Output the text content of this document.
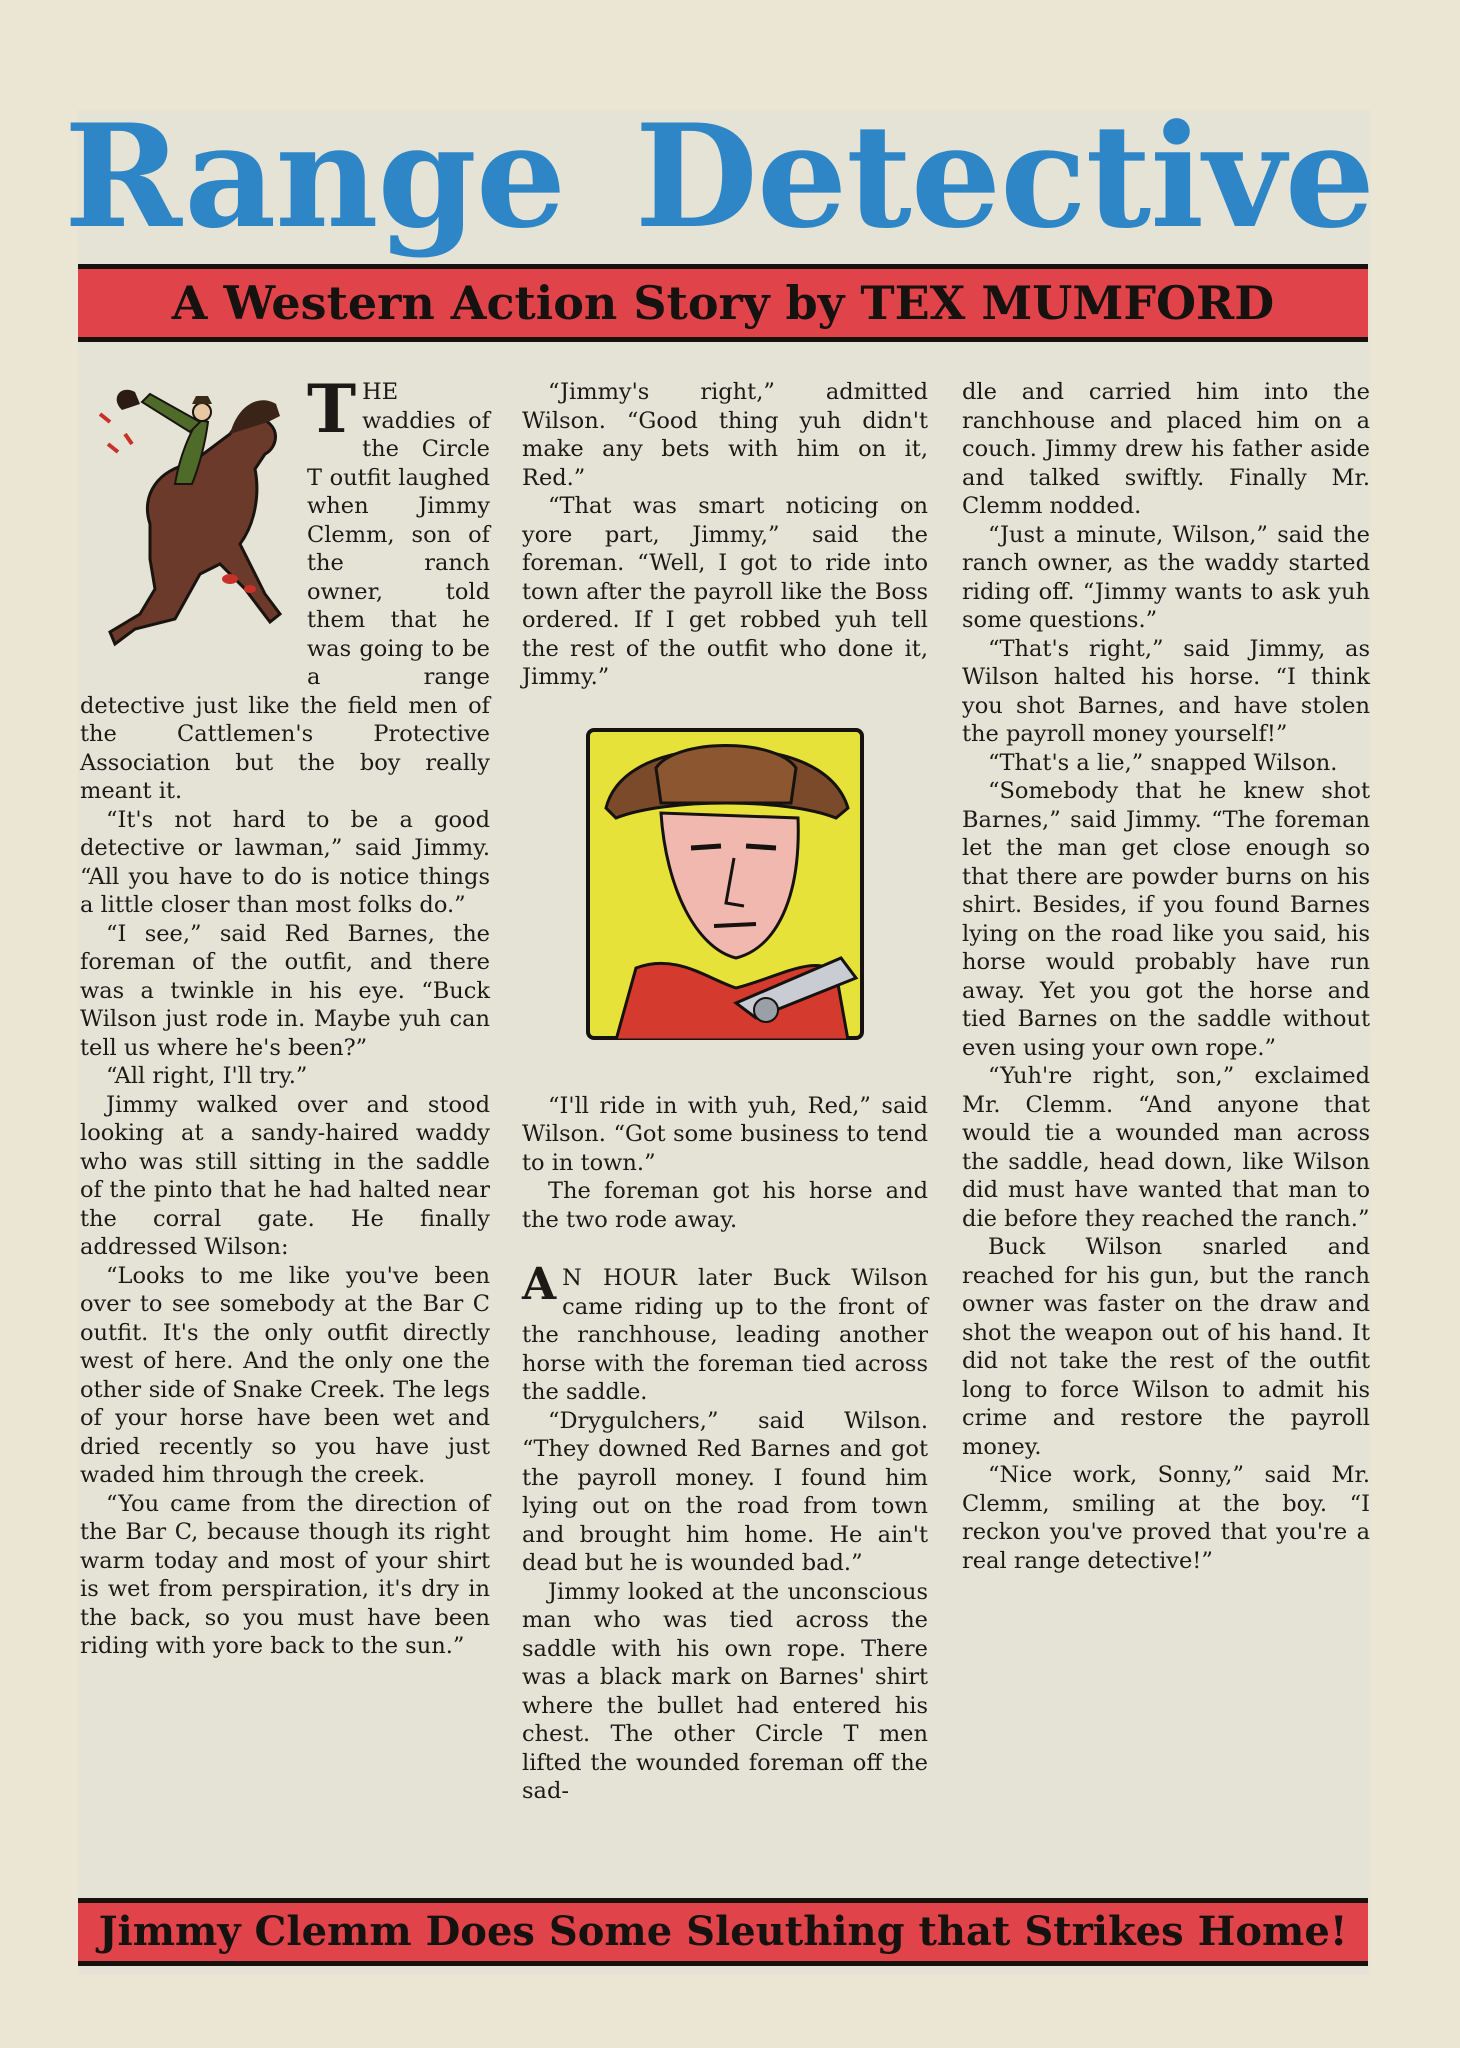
Range Detective
A Western Action Story by TEX MUMFORD

THE waddies of the Circle T outfit laughed when Jimmy Clemm, son of the ranch owner, told them that he was going to be a range detective just like the field men of the Cattlemen's Protective Association but the boy really meant it.

“It's not hard to be a good detective or lawman,” said Jimmy. “All you have to do is notice things a little closer than most folks do.”

“I see,” said Red Barnes, the foreman of the outfit, and there was a twinkle in his eye. “Buck Wilson just rode in. Maybe yuh can tell us where he's been?”

“All right, I'll try.”

Jimmy walked over and stood looking at a sandy-haired waddy who was still sitting in the saddle of the pinto that he had halted near the corral gate. He finally addressed Wilson:

“Looks to me like you've been over to see somebody at the Bar C outfit. It's the only outfit directly west of here. And the only one the other side of Snake Creek. The legs of your horse have been wet and dried recently so you have just waded him through the creek.

“You came from the direction of the Bar C, because though its right warm today and most of your shirt is wet from perspiration, it's dry in the back, so you must have been riding with yore back to the sun.”

“Jimmy's right,” admitted Wilson. “Good thing yuh didn't make any bets with him on it, Red.”

“That was smart noticing on yore part, Jimmy,” said the foreman. “Well, I got to ride into town after the payroll like the Boss ordered. If I get robbed yuh tell the rest of the outfit who done it, Jimmy.”

“I'll ride in with yuh, Red,” said Wilson. “Got some business to tend to in town.”

The foreman got his horse and the two rode away.

A N HOUR later Buck Wilson came riding up to the front of the ranchhouse, leading another horse with the foreman tied across the saddle.

“Drygulchers,” said Wilson. “They downed Red Barnes and got the payroll money. I found him lying out on the road from town and brought him home. He ain't dead but he is wounded bad.”

Jimmy looked at the unconscious man who was tied across the saddle with his own rope. There was a black mark on Barnes' shirt where the bullet had entered his chest. The other Circle T men lifted the wounded foreman off the sad-

dle and carried him into the ranchhouse and placed him on a couch. Jimmy drew his father aside and talked swiftly. Finally Mr. Clemm nodded.

“Just a minute, Wilson,” said the ranch owner, as the waddy started riding off. “Jimmy wants to ask yuh some questions.”

“That's right,” said Jimmy, as Wilson halted his horse. “I think you shot Barnes, and have stolen the payroll money yourself!”

“That's a lie,” snapped Wilson.

“Somebody that he knew shot Barnes,” said Jimmy. “The foreman let the man get close enough so that there are powder burns on his shirt. Besides, if you found Barnes lying on the road like you said, his horse would probably have run away. Yet you got the horse and tied Barnes on the saddle without even using your own rope.”

“Yuh're right, son,” exclaimed Mr. Clemm. “And anyone that would tie a wounded man across the saddle, head down, like Wilson did must have wanted that man to die before they reached the ranch.”

Buck Wilson snarled and reached for his gun, but the ranch owner was faster on the draw and shot the weapon out of his hand. It did not take the rest of the outfit long to force Wilson to admit his crime and restore the payroll money.

“Nice work, Sonny,” said Mr. Clemm, smiling at the boy. “I reckon you've proved that you're a real range detective!”

Jimmy Clemm Does Some Sleuthing that Strikes Home!
